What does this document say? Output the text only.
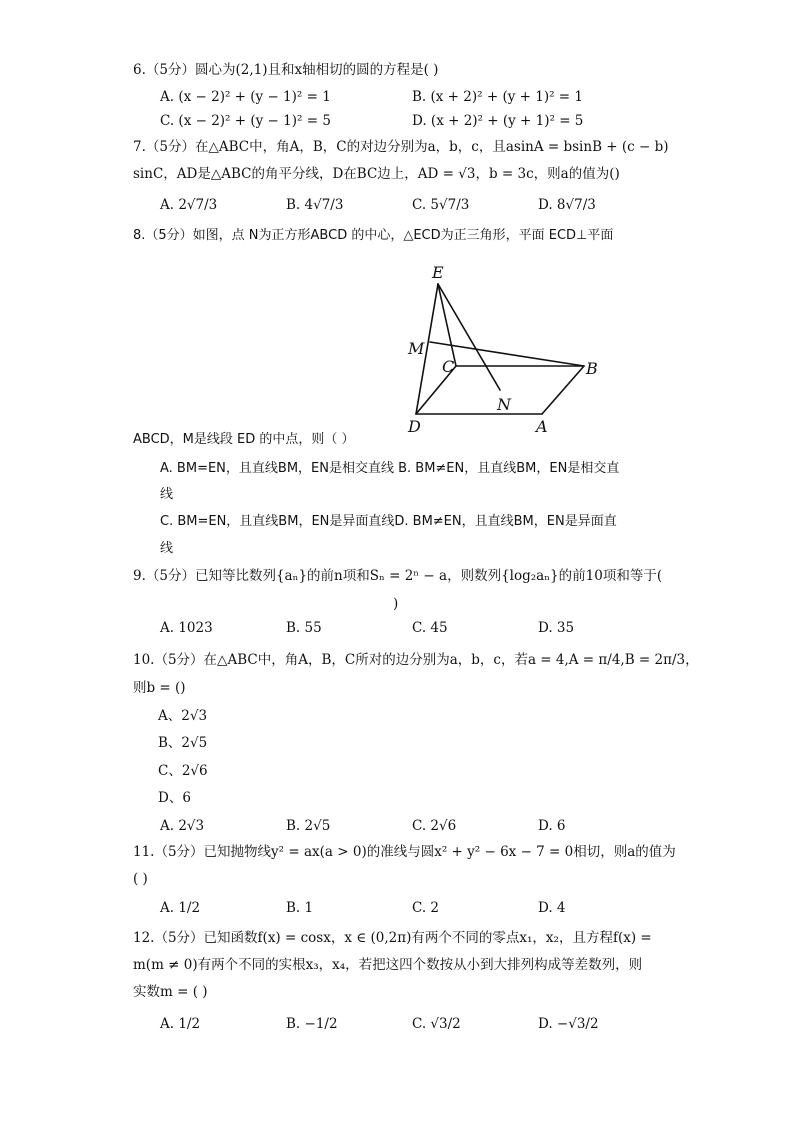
6.（5分）圆心为(2,1)且和x轴相切的圆的方程是( )
A. (x − 2)² + (y − 1)² = 1	B. (x + 2)² + (y + 1)² = 1
C. (x − 2)² + (y − 1)² = 5	D. (x + 2)² + (y + 1)² = 5
7.（5分）在△ABC中，角A，B，C的对边分别为a，b，c，且asinA = bsinB + (c − b)
sinC，AD是△ABC的角平分线，D在BC边上，AD = √3，b = 3c，则a的值为()
A. 2√7/3	B. 4√7/3	C. 5√7/3	D. 8√7/3
8.（5分）如图，点 N为正方形ABCD 的中心，△ECD为正三角形，平面 ECD⊥平面
E
M
C	B
N
D	A
ABCD，M是线段 ED 的中点，则（ ）
A. BM=EN，且直线BM，EN是相交直线 B. BM≠EN，且直线BM，EN是相交直
线
C. BM=EN，且直线BM，EN是异面直线D. BM≠EN，且直线BM，EN是异面直
线
9.（5分）已知等比数列{aₙ}的前n项和Sₙ = 2ⁿ − a，则数列{log₂aₙ}的前10项和等于(
)
A. 1023	B. 55	C. 45	D. 35
10.（5分）在△ABC中，角A，B，C所对的边分别为a，b，c，若a = 4,A = π/4,B = 2π/3，
则b = ()
A、2√3
B、2√5
C、2√6
D、6
A. 2√3	B. 2√5	C. 2√6	D. 6
11.（5分）已知抛物线y² = ax(a > 0)的准线与圆x² + y² − 6x − 7 = 0相切，则a的值为
( )
A. 1/2	B. 1	C. 2	D. 4
12.（5分）已知函数f(x) = cosx，x ∈ (0,2π)有两个不同的零点x₁，x₂，且方程f(x) =
m(m ≠ 0)有两个不同的实根x₃，x₄，若把这四个数按从小到大排列构成等差数列，则
实数m = ( )
A. 1/2	B. −1/2	C. √3/2	D. −√3/2
